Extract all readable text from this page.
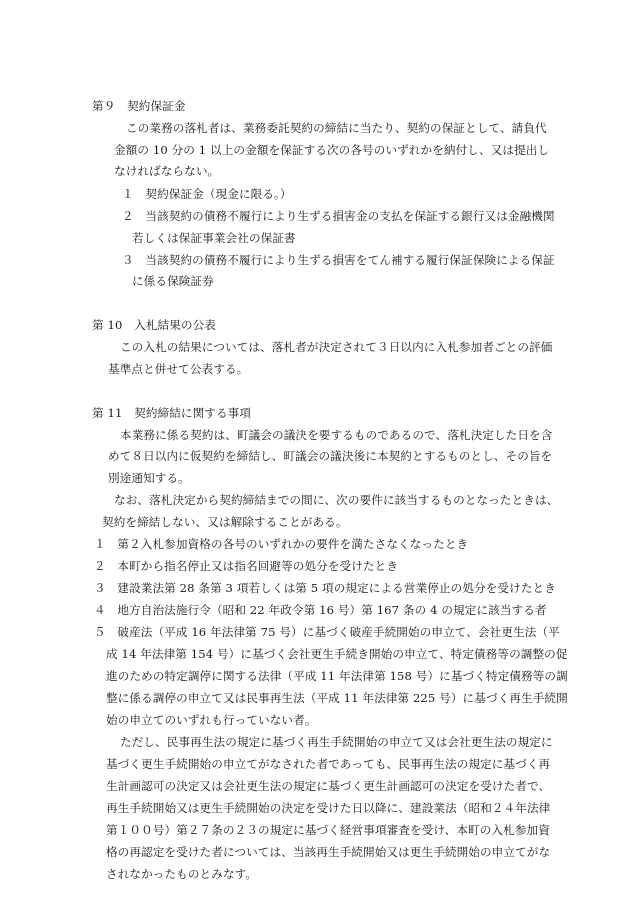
第９　契約保証金
この業務の落札者は、業務委託契約の締結に当たり、契約の保証として、請負代
金額の 10 分の 1 以上の金額を保証する次の各号のいずれかを納付し、又は提出し
なければならない。
１　契約保証金（現金に限る。）
２　当該契約の債務不履行により生ずる損害金の支払を保証する銀行又は金融機関
若しくは保証事業会社の保証書
３　当該契約の債務不履行により生ずる損害をてん補する履行保証保険による保証
に係る保険証券
第 10　入札結果の公表
この入札の結果については、落札者が決定されて３日以内に入札参加者ごとの評価
基準点と併せて公表する。
第 11　契約締結に関する事項
本業務に係る契約は、町議会の議決を要するものであるので、落札決定した日を含
めて８日以内に仮契約を締結し、町議会の議決後に本契約とするものとし、その旨を
別途通知する。
なお、落札決定から契約締結までの間に、次の要件に該当するものとなったときは、
契約を締結しない、又は解除することがある。
１　第２入札参加資格の各号のいずれかの要件を満たさなくなったとき
２　本町から指名停止又は指名回避等の処分を受けたとき
３　建設業法第 28 条第 3 項若しくは第 5 項の規定による営業停止の処分を受けたとき
４　地方自治法施行令（昭和 22 年政令第 16 号）第 167 条の 4 の規定に該当する者
５　破産法（平成 16 年法律第 75 号）に基づく破産手続開始の申立て、会社更生法（平
成 14 年法律第 154 号）に基づく会社更生手続き開始の申立て、特定債務等の調整の促
進のための特定調停に関する法律（平成 11 年法律第 158 号）に基づく特定債務等の調
整に係る調停の申立て又は民事再生法（平成 11 年法律第 225 号）に基づく再生手続開
始の申立てのいずれも行っていない者。
ただし、民事再生法の規定に基づく再生手続開始の申立て又は会社更生法の規定に
基づく更生手続開始の申立てがなされた者であっても、民事再生法の規定に基づく再
生計画認可の決定又は会社更生法の規定に基づく更生計画認可の決定を受けた者で、
再生手続開始又は更生手続開始の決定を受けた日以降に、建設業法（昭和２４年法律
第１００号）第２７条の２３の規定に基づく経営事項審査を受け、本町の入札参加資
格の再認定を受けた者については、当該再生手続開始又は更生手続開始の申立てがな
されなかったものとみなす。
